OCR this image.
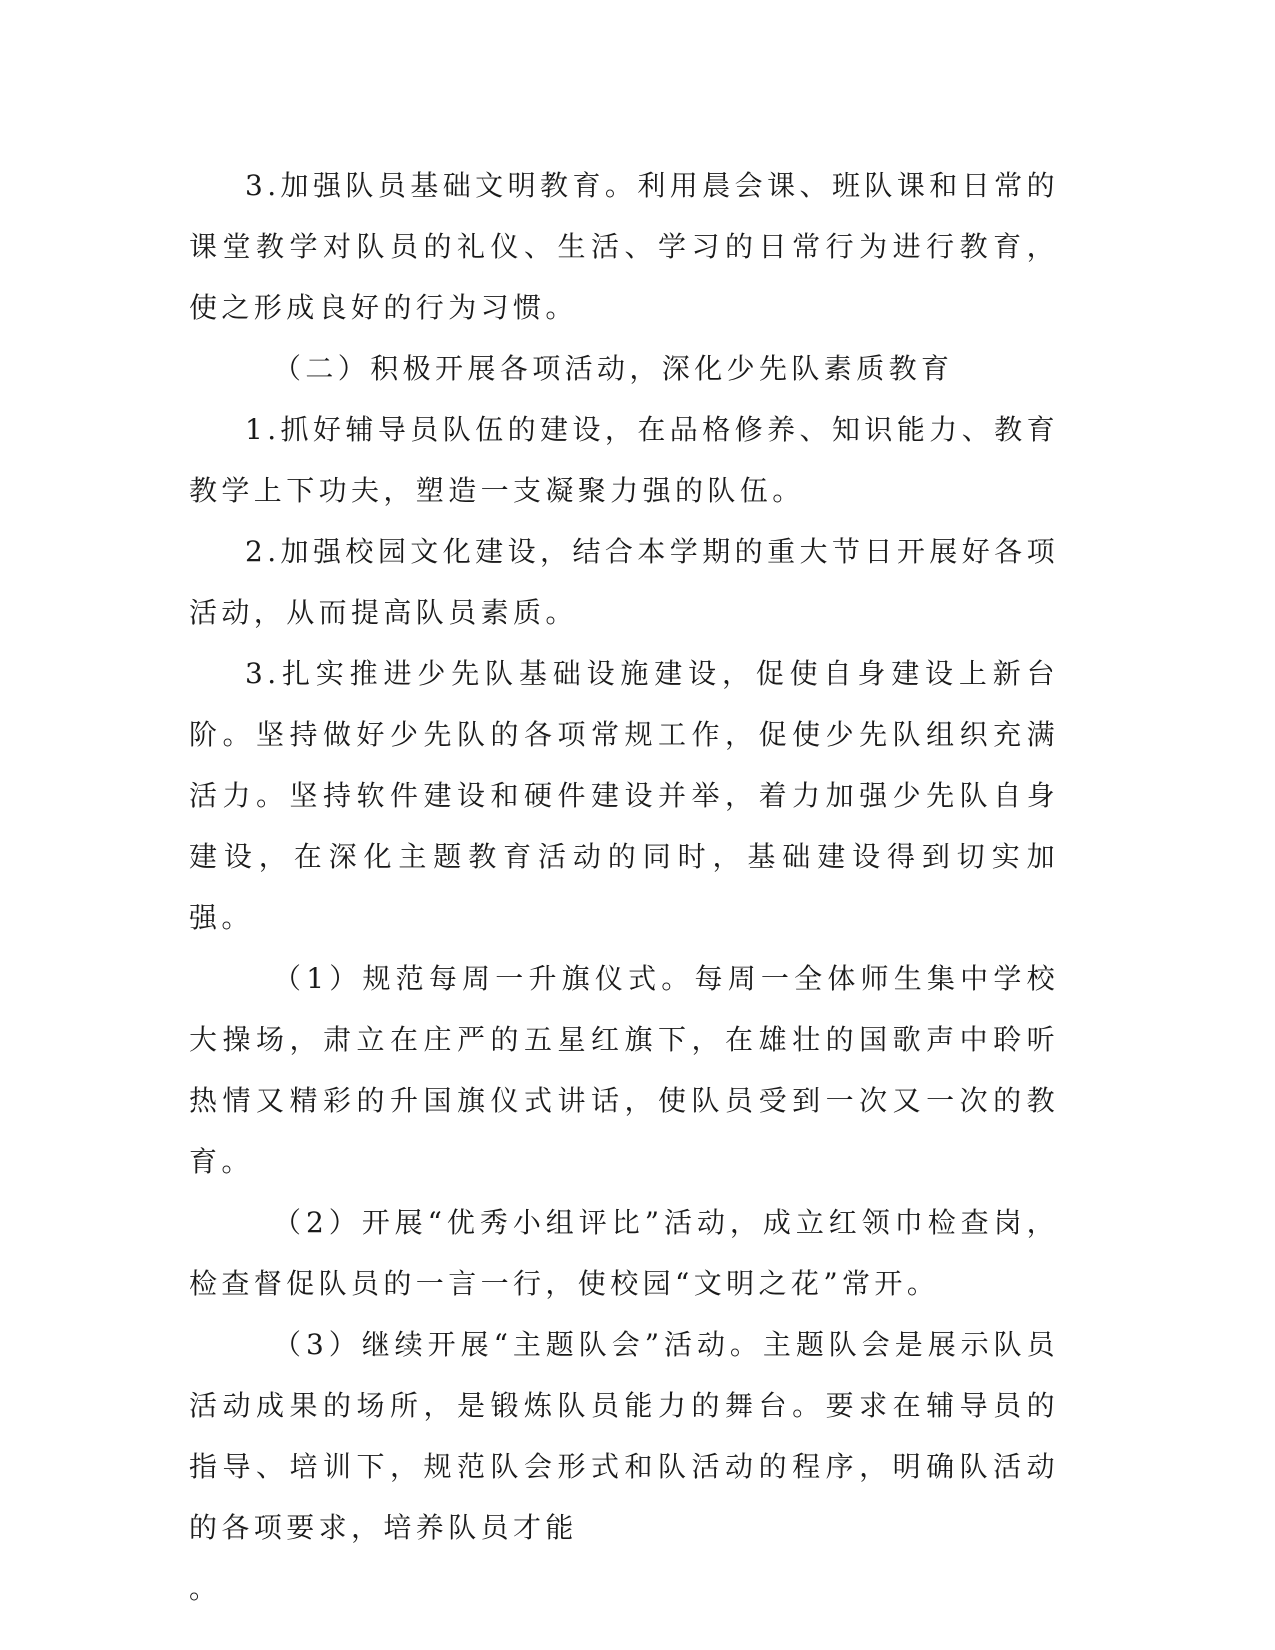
3.加强队员基础文明教育。利用晨会课、班队课和日常的课堂教学对队员的礼仪、生活、学习的日常行为进行教育，使之形成良好的行为习惯。

（二）积极开展各项活动，深化少先队素质教育

1.抓好辅导员队伍的建设，在品格修养、知识能力、教育教学上下功夫，塑造一支凝聚力强的队伍。

2.加强校园文化建设，结合本学期的重大节日开展好各项活动，从而提高队员素质。

3.扎实推进少先队基础设施建设，促使自身建设上新台阶。坚持做好少先队的各项常规工作，促使少先队组织充满活力。坚持软件建设和硬件建设并举，着力加强少先队自身建设，在深化主题教育活动的同时，基础建设得到切实加强。

（1）规范每周一升旗仪式。每周一全体师生集中学校大操场，肃立在庄严的五星红旗下，在雄壮的国歌声中聆听热情又精彩的升国旗仪式讲话，使队员受到一次又一次的教育。

（2）开展“优秀小组评比”活动，成立红领巾检查岗，检查督促队员的一言一行，使校园“文明之花”常开。

（3）继续开展“主题队会”活动。主题队会是展示队员活动成果的场所，是锻炼队员能力的舞台。要求在辅导员的指导、培训下，规范队会形式和队活动的程序，明确队活动的各项要求，培养队员才能

。
